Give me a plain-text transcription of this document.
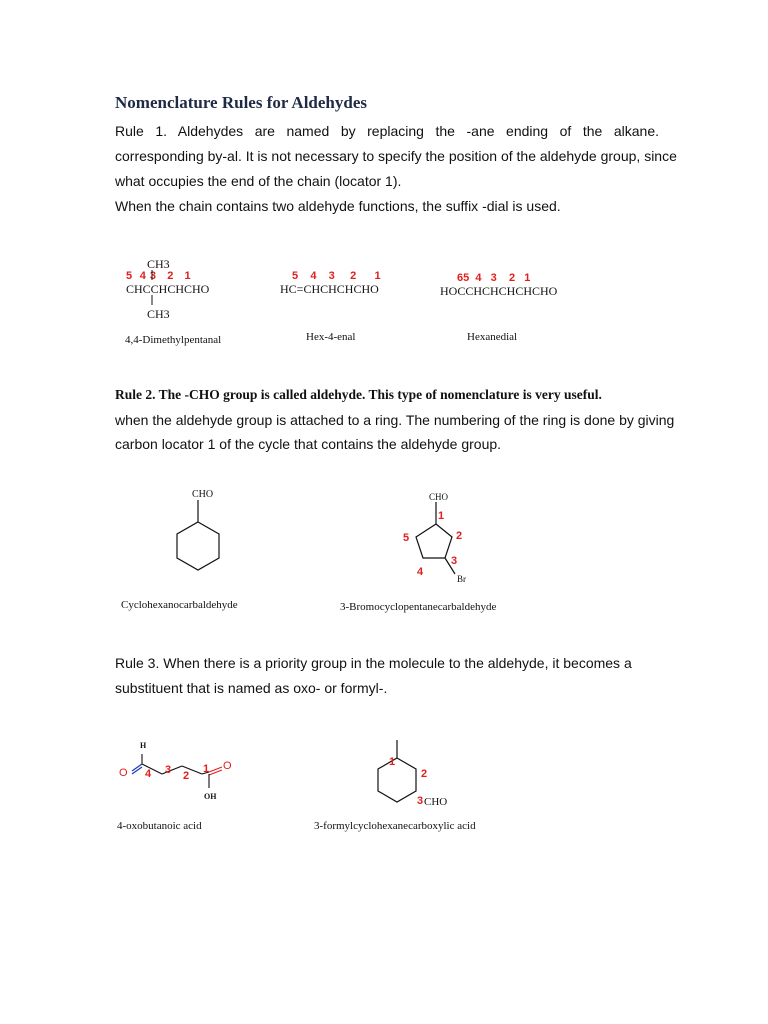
Nomenclature Rules for Aldehydes
Rule 1. Aldehydes are named by replacing the -ane ending of the alkane.
corresponding by-al. It is not necessary to specify the position of the aldehyde group, since
what occupies the end of the chain (locator 1).
When the chain contains two aldehyde functions, the suffix -dial is used.
CH3
5  4 3   2   1
CHCCHCHCHO
CH3
4,4-Dimethylpentanal
5    4    3     2      1
HC=CHCHCHCHO
Hex-4-enal
65  4   3    2   1
HOCCHCHCHCHCHO
Hexanedial
Rule 2. The -CHO group is called aldehyde. This type of nomenclature is very useful.
when the aldehyde group is attached to a ring. The numbering of the ring is done by giving
carbon locator 1 of the cycle that contains the aldehyde group.
CHO
Cyclohexanocarbaldehyde
CHO
1
2
3
4
5
Br
3-Bromocyclopentanecarbaldehyde
Rule 3. When there is a priority group in the molecule to the aldehyde, it becomes a
substituent that is named as oxo- or formyl-.
H
O
O
4 3 2
1
OH
4-oxobutanoic acid
1
2
3 CHO
3-formylcyclohexanecarboxylic acid
